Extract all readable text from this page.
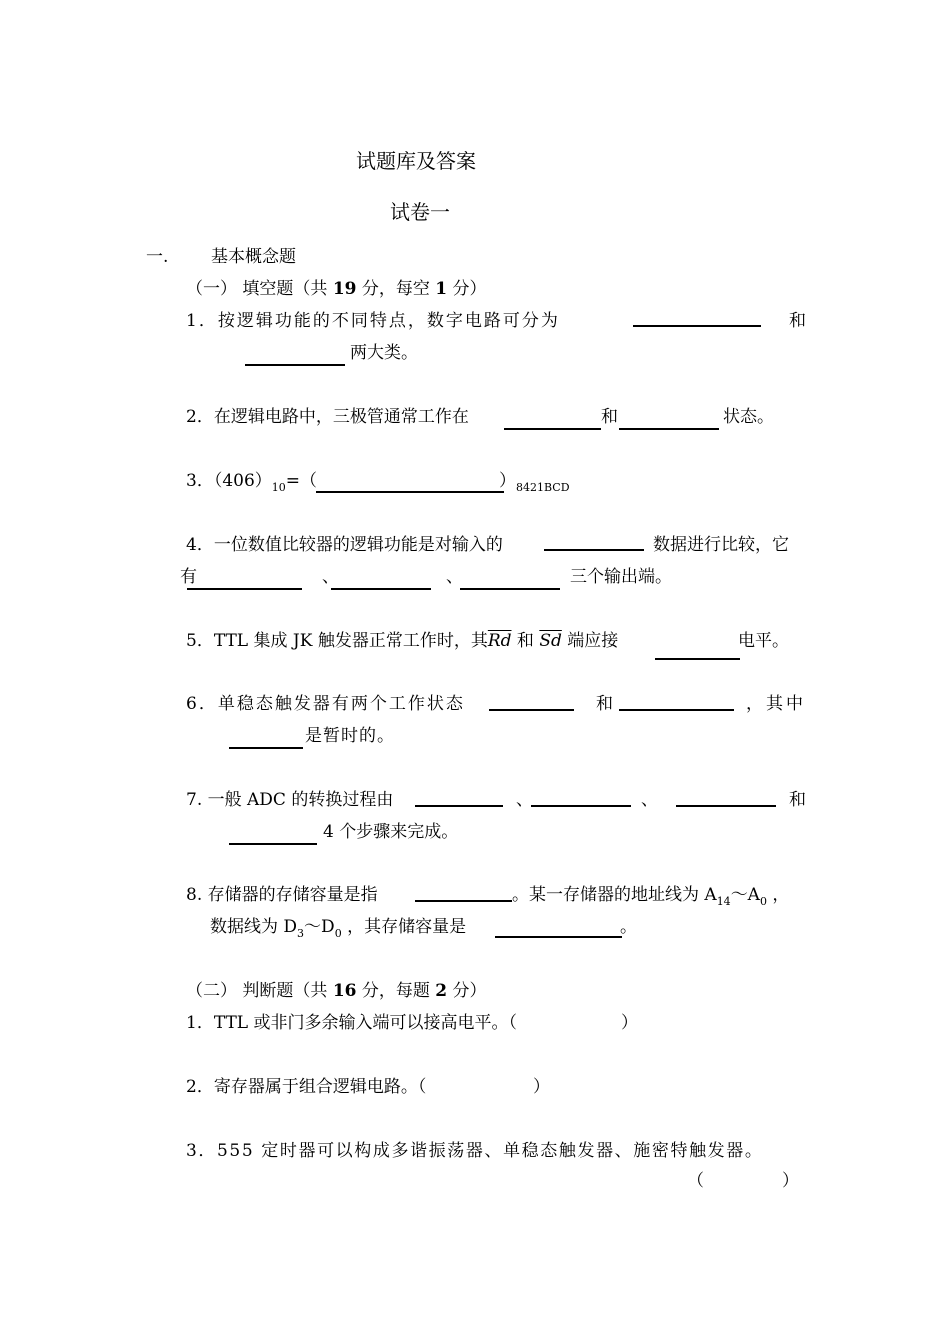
试题库及答案
试卷一
一.	基本概念题
（一） 填空题（共 19 分，每空 1 分）
1．按逻辑功能的不同特点，数字电路可分为	和
两大类。
2．在逻辑电路中，三极管通常工作在	和	状态。
3．$(406)_{10}=$（	）$_{8421BCD}$
4．一位数值比较器的逻辑功能是对输入的	数据进行比较，它
有	、	、	三个输出端。
5．TTL 集成 JK 触发器正常工作时，其$\overline{Rd}$ 和 $\overline{Sd}$ 端应接	电平。
6．单稳态触发器有两个工作状态	和	，其中
是暂时的。
7. 一般 ADC 的转换过程由	、	、	和
4 个步骤来完成。
8. 存储器的存储容量是指	。某一存储器的地址线为 $A_{14}\sim A_0$ ，
数据线为 $D_3\sim D_0$ ，其存储容量是	。
（二） 判断题（共 16 分，每题 2 分）
1．TTL 或非门多余输入端可以接高电平。（	）
2．寄存器属于组合逻辑电路。（	）
3．555 定时器可以构成多谐振荡器、单稳态触发器、施密特触发器。
（	）
